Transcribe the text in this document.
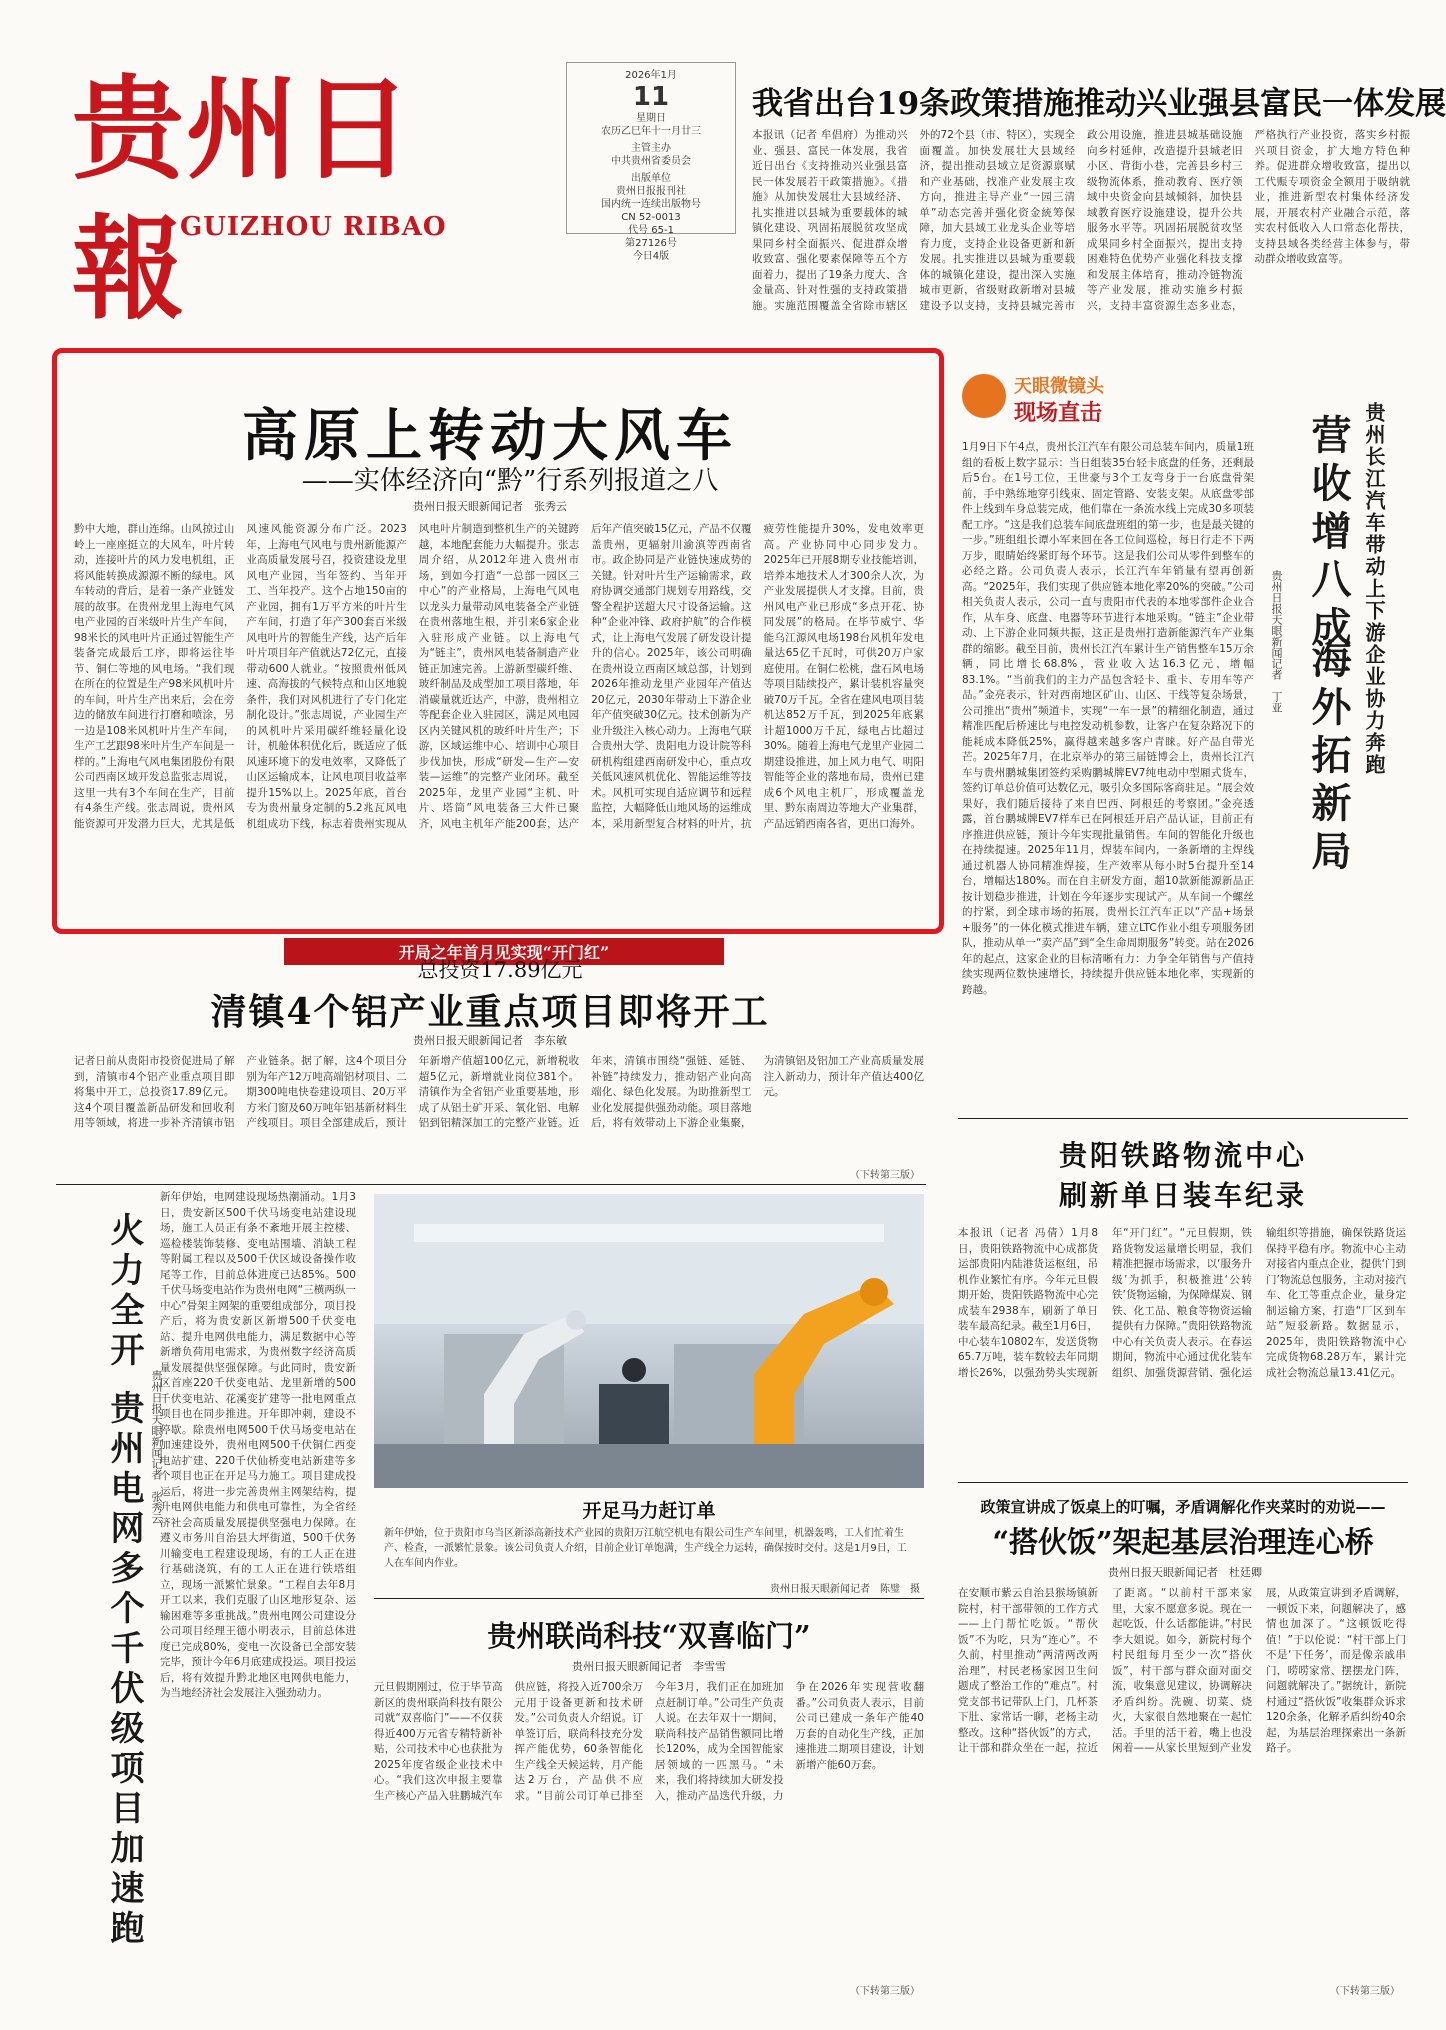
贵州日報
GUIZHOU RIBAO
2026年1月
11
星期日
农历乙巳年十一月廿三
主管主办
中共贵州省委员会
出版单位
贵州日报报刊社
国内统一连续出版物号
CN 52-0013
代号 65-1
第27126号
今日4版
我省出台19条政策措施推动兴业强县富民一体发展
本报讯（记者 牟倡府）为推动兴业、强县、富民一体发展，我省近日出台《支持推动兴业强县富民一体发展若干政策措施》。《措施》从加快发展壮大县域经济、扎实推进以县城为重要载体的城镇化建设、巩固拓展脱贫攻坚成果同乡村全面振兴、促进群众增收致富、强化要素保障等五个方面着力，提出了19条力度大、含金量高、针对性强的支持政策措施。实施范围覆盖全省除市辖区外的72个县（市、特区），实现全面覆盖。加快发展壮大县域经济，提出推动县域立足资源禀赋和产业基础，找准产业发展主攻方向，推进主导产业“一园三清单”动态完善并强化资金統筹保障，加大县域工业龙头企业等培育力度，支持企业设备更新和新发展。扎实推进以县城为重要载体的城镇化建设，提出深入实施城市更新，省级财政新增对县城建设予以支持，支持县城完善市政公用设施，推进县城基础设施向乡村延伸，改造提升县城老旧小区、背街小巷，完善县乡村三级物流体系，推动教育、医疗领域中央资金向县域倾斜，加快县域教育医疗设施建设，提升公共服务水平等。巩固拓展脱贫攻坚成果同乡村全面振兴，提出支持困难特色优势产业强化科技支撑和发展主体培育，推动冷链物流等产业发展，推动实施乡村振兴，支持丰富资源生态多业态，严格执行产业投资，落实乡村振兴项目资金，扩大地方特色种养。促进群众增收致富，提出以工代赈专项资金全额用于吸纳就业，推进新型农村集体经济发展，开展农村产业融合示范，落实农村低收入人口常态化帮扶，支持县域各类经营主体参与，带动群众增收致富等。
高原上转动大风车
——实体经济向“黔”行系列报道之八
贵州日报天眼新闻记者　张秀云
黔中大地，群山连绵。山风掠过山岭上一座座挺立的大风车，叶片转动，连接叶片的风力发电机组，正将风能转换成源源不断的绿电。风车转动的背后，是着一条产业链发展的故事。在贵州龙里上海电气风电产业园的百米级叶片生产车间，98米长的风电叶片正通过智能生产装备完成最后工序，即将运往毕节、铜仁等地的风电场。“我们现在所在的位置是生产98米风机叶片的车间，叶片生产出来后，会在旁边的储放车间进行打磨和喷涂，另一边是108米风机叶片生产车间，生产工艺跟98米叶片生产车间是一样的。”上海电气风电集团股份有限公司西南区域开发总监张志周说，这里一共有3个车间在生产，目前有4条生产线。张志周说，贵州风能资源可开发潜力巨大，尤其是低风速风能资源分布广泛。2023年，上海电气风电与贵州新能源产业高质量发展号召，投资建设龙里风电产业园，当年签约、当年开工、当年投产。这个占地150亩的产业园，拥有1万平方米的叶片生产车间，打造了年产300套百米级风电叶片的智能生产线，达产后年叶片项目年产值就达72亿元，直接带动600人就业。“按照贵州低风速、高海拔的气候特点和山区地貌条件，我们对风机进行了专门化定制化设计。”张志周说，产业园生产的风机叶片采用碳纤维轻量化设计，机舱体积优化后，既适应了低风速环境下的发电效率，又降低了山区运输成本，让风电项目收益率提升15%以上。2025年底，首台专为贵州量身定制的5.2兆瓦风电机组成功下线，标志着贵州实现从风电叶片制造到整机生产的关键跨越，本地配套能力大幅提升。张志周介绍，从2012年进入贵州市场，到如今打造“一总部一园区三中心”的产业格局，上海电气风电以龙头力量带动风电装备全产业链在贵州落地生根，并引来6家企业入驻形成产业链。以上海电气为“链主”，贵州风电装备制造产业链正加速完善。上游新型碳纤维、玻纤制品及成型加工项目落地，年消碳量就近达产，中游，贵州相立等配套企业入驻园区，满足风电园区内关键风机的玻纤叶片生产；下游，区域运维中心、培训中心项目步伐加快，形成“研发—生产—安装—运维”的完整产业闭环。截至2025年，龙里产业园“主机、叶片、塔筒”风电装备三大件已聚齐，风电主机年产能200套，达产后年产值突破15亿元，产品不仅覆盖贵州，更辐射川渝滇等西南省市。政企协同是产业链快速成势的关键。针对叶片生产运输需求，政府协调交通部门规划专用路线，交警全程护送超大尺寸设备运输。这种“企业冲锋、政府护航”的合作模式，让上海电气发展了研发设计提升的信心。2025年，该公司明确在贵州设立西南区域总部，计划到2026年推动龙里产业园年产值达20亿元，2030年带动上下游企业年产值突破30亿元。技术创新为产业升级注入核心动力。上海电气联合贵州大学、贵阳电力设计院等科研机构组建西南研发中心，重点攻关低风速风机优化、智能运维等技术。风机可实现自适应调节和远程监控，大幅降低山地风场的运维成本，采用新型复合材料的叶片，抗疲劳性能提升30%，发电效率更高。产业协同中心同步发力。2025年已开展8期专业技能培训，培养本地技术人才300余人次，为产业发展提供人才支撑。目前，贵州风电产业已形成“多点开花、协同发展”的格局。在毕节威宁、华能乌江源风电场198台风机年发电量达65亿千瓦时，可供20万户家庭使用。在铜仁松桃，盘石风电场等项目陆续投产，累计装机容量突破70万千瓦。全省在建风电项目装机达852万千瓦，到2025年底累计超1000万千瓦，绿电占比超过30%。随着上海电气龙里产业园二期建设推进，加上风力电气、明阳智能等企业的落地布局，贵州已建成6个风电主机厂，形成覆盖龙里、黔东南周边等地大产业集群，产品远销西南各省，更出口海外。
天眼微镜头
现场直击
营收增八成
海外拓新局 贵州长江汽车带动上下游企业协力奔跑
贵州日报天眼新闻记者　丁亚
1月9日下午4点，贵州长江汽车有限公司总装车间内，质量1班组的看板上数字显示：当日组装35台轻卡底盘的任务，还剩最后5台。在1号工位，王世豪与3个工友弯身于一台底盘骨架前，手中熟练地穿引线束、固定管路、安装支架。从底盘零部件上线到车身总装完成，他们靠在一条流水线上完成30多项装配工序。“这是我们总装车间底盘班组的第一步，也是最关键的一步。”班组组长谭小军来回在各工位间巡检，每日行走不下两万步，眼睛始终紧盯每个环节。这是我们公司从零件到整车的必经之路。公司负责人表示，长江汽车年销量有望再创新高。“2025年，我们实现了供应链本地化率20%的突破。”公司相关负责人表示，公司一直与贵阳市代表的本地零部件企业合作，从车身、底盘、电器等环节进行本地采购。“链主”企业带动、上下游企业同频共振，这正是贵州打造新能源汽车产业集群的缩影。截至目前，贵州长江汽车累计生产销售整车15万余辆，同比增长68.8%，营业收入达16.3亿元，增幅83.1%。“当前我们的主力产品包含轻卡、重卡、专用车等产品。”金亮表示，针对西南地区矿山、山区、干线等复杂场景，公司推出“贵州”频道卡，实现“一车一景”的精细化制造，通过精准匹配后桥速比与电控发动机参数，让客户在复杂路况下的能耗成本降低25%，赢得越来越多客户青睐。好产品自带光芒。2025年7月，在北京举办的第三届链博会上，贵州长江汽车与贵州鹏城集团签约采购鹏城牌EV7纯电动中型厢式货车，签约订单总价值可达数亿元，吸引众多国际客商驻足。“展会效果好，我们随后接待了来自巴西、阿根廷的考察团。”金亮透露，首台鹏城牌EV7样车已在阿根廷开启产品认证，目前正有序推进供应链，预计今年实现批量销售。车间的智能化升级也在持续提速。2025年11月，焊装车间内，一条新增的主焊线通过机器人协同精准焊接，生产效率从每小时5台提升至14台，增幅达180%。而在自主研发方面，超10款新能源新品正按计划稳步推进，计划在今年逐步实现试产。从车间一个螺丝的拧紧，到全球市场的拓展，贵州长江汽车正以“产品+场景+服务”的一体化模式推进车辆，建立LTC作业小组专项服务团队，推动从单一“卖产品”到“全生命周期服务”转变。站在2026年的起点，这家企业的目标清晰有力：力争全年销售与产值持续实现两位数快速增长，持续提升供应链本地化率，实现新的跨越。
开局之年首月见实现“开门红”
总投资17.89亿元
清镇4个铝产业重点项目即将开工
贵州日报天眼新闻记者　李东敏
记者日前从贵阳市投资促进局了解到，清镇市4个铝产业重点项目即将集中开工，总投资17.89亿元。这4个项目覆盖新品研发和回收利用等领域，将进一步补齐清镇市铝产业链条。据了解，这4个项目分别为年产12万吨高端铝材项目、二期300吨电快卷建设项目、20万平方米门窗及60万吨年铝基新材料生产线项目。项目全部建成后，预计年新增产值超100亿元，新增税收超5亿元，新增就业岗位381个。清镇作为全省铝产业重要基地，形成了从铝土矿开采、氧化铝、电解铝到铝精深加工的完整产业链。近年来，清镇市围绕“强链、延链、补链”持续发力，推动铝产业向高端化、绿色化发展。为助推新型工业化发展提供强劲动能。项目落地后，将有效带动上下游企业集聚，为清镇铝及铝加工产业高质量发展注入新动力，预计年产值达400亿元。
（下转第三版）
火力全开
贵州电网多个千伏级项目加速跑 贵州日报天眼新闻记者　张秀云
新年伊始，电网建设现场热潮涌动。1月3日，贵安新区500千伏马场变电站建设现场，施工人员正有条不紊地开展主控楼、巡检楼装饰装修、变电站围墙、消缺工程等附属工程以及500千伏区域设备操作收尾等工作，目前总体进度已达85%。500千伏马场变电站作为贵州电网“三横两纵一中心”骨架主网架的重要组成部分，项目投产后，将为贵安新区新增500千伏变电站、提升电网供电能力，满足数据中心等新增负荷用电需求，为贵州数字经济高质量发展提供坚强保障。与此同时，贵安新区首座220千伏变电站、龙里新增的500千伏变电站、花溪变扩建等一批电网重点项目也在同步推进。开年即冲刺，建设不停歇。除贵州电网500千伏马场变电站在加速建设外，贵州电网500千伏铜仁西变电站扩建、220千伏仙桥变电站新建等多个项目也正在开足马力施工。项目建成投运后，将进一步完善贵州主网架结构，提升电网供电能力和供电可靠性，为全省经济社会高质量发展提供坚强电力保障。在遵义市务川自治县大坪街道，500千伏务川输变电工程建设现场，有的工人正在进行基础浇筑，有的工人正在进行铁塔组立，现场一派繁忙景象。“工程自去年8月开工以来，我们克服了山区地形复杂、运输困难等多重挑战。”贵州电网公司建设分公司项目经理王德小明表示，目前总体进度已完成80%，变电一次设备已全部安装完毕，预计今年6月底建成投运。项目投运后，将有效提升黔北地区电网供电能力，为当地经济社会发展注入强劲动力。
开足马力赶订单
新年伊始，位于贵阳市乌当区新添高新技术产业园的贵阳万江航空机电有限公司生产车间里，机器轰鸣，工人们忙着生产、检查，一派繁忙景象。该公司负责人介绍，目前企业订单饱满，生产线全力运转，确保按时交付。这是1月9日，工人在车间内作业。
贵州日报天眼新闻记者　陈璧　摄
贵州联尚科技“双喜临门”
贵州日报天眼新闻记者　李雪雪
元旦假期刚过，位于毕节高新区的贵州联尚科技有限公司就“双喜临门”——不仅获得近400万元省专精特新补贴，公司技术中心也获批为2025年度省级企业技术中心。“我们这次申报主要靠生产核心产品入驻鹏城汽车供应链，将投入近700余万元用于设备更新和技术研发。”公司负责人介绍说。订单签订后，联尚科技充分发挥产能优势，60条智能化生产线全天候运转，月产能达2万台，产品供不应求。“目前公司订单已排至今年3月，我们正在加班加点赶制订单。”公司生产负责人说。在去年双十一期间，联尚科技产品销售额同比增长120%，成为全国智能家居领域的一匹黑马。“未来，我们将持续加大研发投入，推动产品迭代升级，力争在2026年实现营收翻番。”公司负责人表示，目前公司已建成一条年产能40万套的自动化生产线，正加速推进二期项目建设，计划新增产能60万套。
（下转第三版）
贵阳铁路物流中心
刷新单日装车纪录
本报讯（记者 冯倩）1月8日，贵阳铁路物流中心成都货运部贵阳内陆港货运枢纽，吊机作业繁忙有序。今年元旦假期开始，贵阳铁路物流中心完成装车2938车，刷新了单日装车最高纪录。截至1月6日，中心装车10802车，发送货物65.7万吨，装车数较去年同期增长26%，以强劲势头实现新年“开门红”。“元旦假期，铁路货物发运量增长明显，我们精准把握市场需求，以‘服务升级’为抓手，积极推进‘公转铁’货物运输，为保障煤炭、钢铁、化工品、粮食等物资运输提供有力保障。”贵阳铁路物流中心有关负责人表示。在春运期间，物流中心通过优化装车组织、加强货源营销、强化运输组织等措施，确保铁路货运保持平稳有序。物流中心主动对接省内重点企业，提供‘门到门’物流总包服务，主动对接汽车、化工等重点企业，量身定制运输方案，打造“厂区到车站”短驳新路。数据显示，2025年，贵阳铁路物流中心完成货物68.28万车，累计完成社会物流总量13.41亿元。
政策宣讲成了饭桌上的叮嘱，矛盾调解化作夹菜时的劝说——
“搭伙饭”架起基层治理连心桥
贵州日报天眼新闻记者　杜廷卿
在安顺市紫云自治县猴场镇新院村，村干部带领的工作方式——上门帮忙吃饭。“帮伙饭”不为吃，只为“连心”。不久前，村里推动“两清两改两治理”，村民老杨家因卫生问题成了整治工作的“难点”。村党支部书记带队上门，几杯茶下肚、家常话一聊，老杨主动整改。这种“搭伙饭”的方式，让干部和群众坐在一起，拉近了距离。“以前村干部来家里，大家不愿意多说。现在一起吃饭，什么话都能讲。”村民李大姐说。如今，新院村每个村民组每月至少一次“搭伙饭”，村干部与群众面对面交流，收集意见建议，协调解决矛盾纠纷。洗碗、切菜、烧火，大家很自然地聚在一起忙活。手里的活干着，嘴上也没闲着——从家长里短到产业发展，从政策宣讲到矛盾调解，一顿饭下来，问题解决了，感情也加深了。“这顿饭吃得值！”于以伦说：“村干部上门不是‘下任务’，而是像亲戚串门，唠唠家常、摆摆龙门阵，问题就解决了。”据统计，新院村通过“搭伙饭”收集群众诉求120余条，化解矛盾纠纷40余起，为基层治理探索出一条新路子。
（下转第三版）
